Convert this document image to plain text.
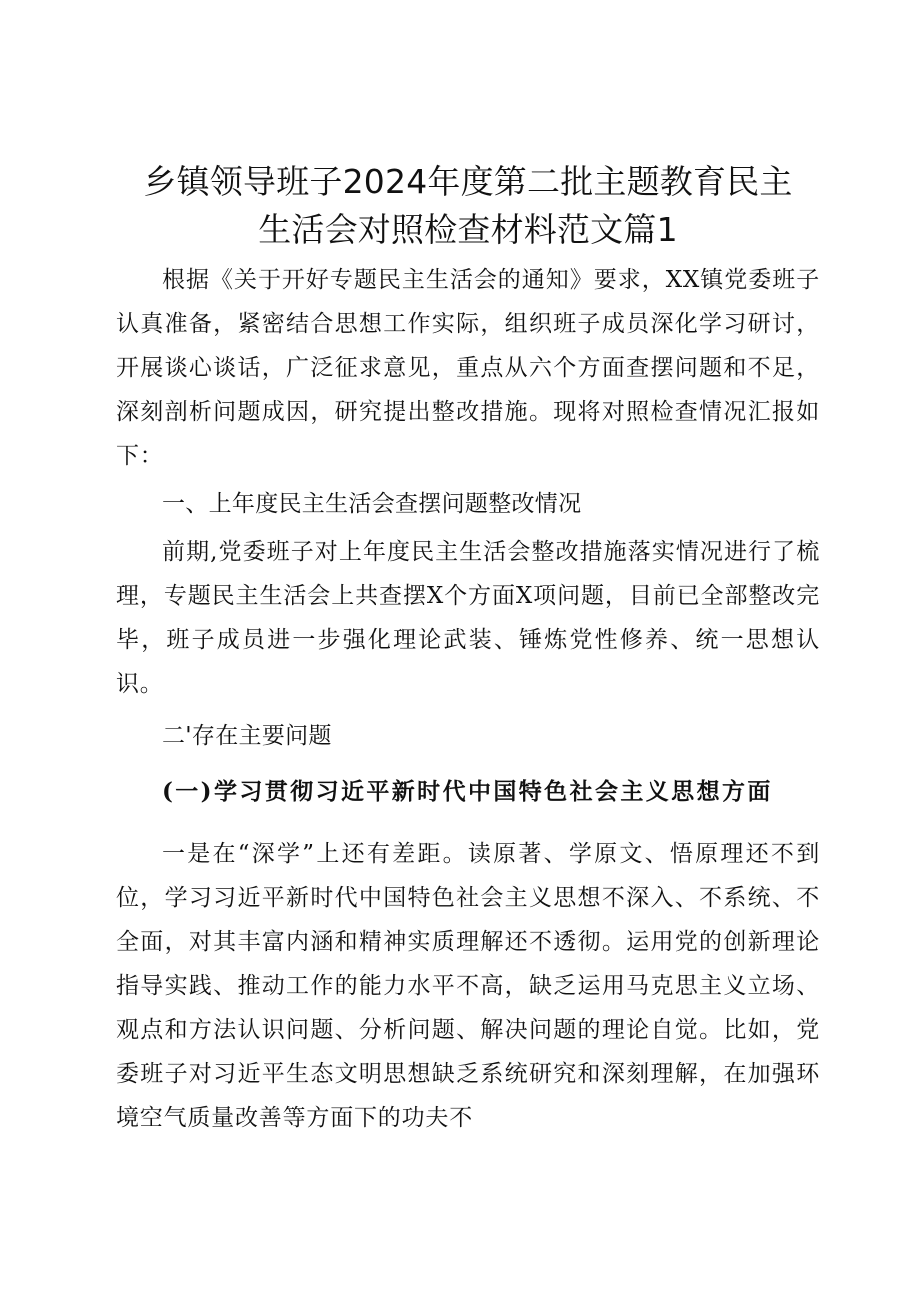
乡镇领导班子2024年度第二批主题教育民主
生活会对照检查材料范文篇1

根据《关于开好专题民主生活会的通知》要求，XX镇党委班子认真准备，紧密结合思想工作实际，组织班子成员深化学习研讨，开展谈心谈话，广泛征求意见，重点从六个方面查摆问题和不足，深刻剖析问题成因，研究提出整改措施。现将对照检查情况汇报如下：

一、上年度民主生活会查摆问题整改情况

前期,党委班子对上年度民主生活会整改措施落实情况进行了梳理，专题民主生活会上共查摆X个方面X项问题，目前已全部整改完毕，班子成员进一步强化理论武装、锤炼党性修养、统一思想认识。

二'存在主要问题
(一)学习贯彻习近平新时代中国特色社会主义思想方面

一是在“深学”上还有差距。读原著、学原文、悟原理还不到位，学习习近平新时代中国特色社会主义思想不深入、不系统、不全面，对其丰富内涵和精神实质理解还不透彻。运用党的创新理论指导实践、推动工作的能力水平不高，缺乏运用马克思主义立场、观点和方法认识问题、分析问题、解决问题的理论自觉。比如，党委班子对习近平生态文明思想缺乏系统研究和深刻理解，在加强环境空气质量改善等方面下的功夫不
